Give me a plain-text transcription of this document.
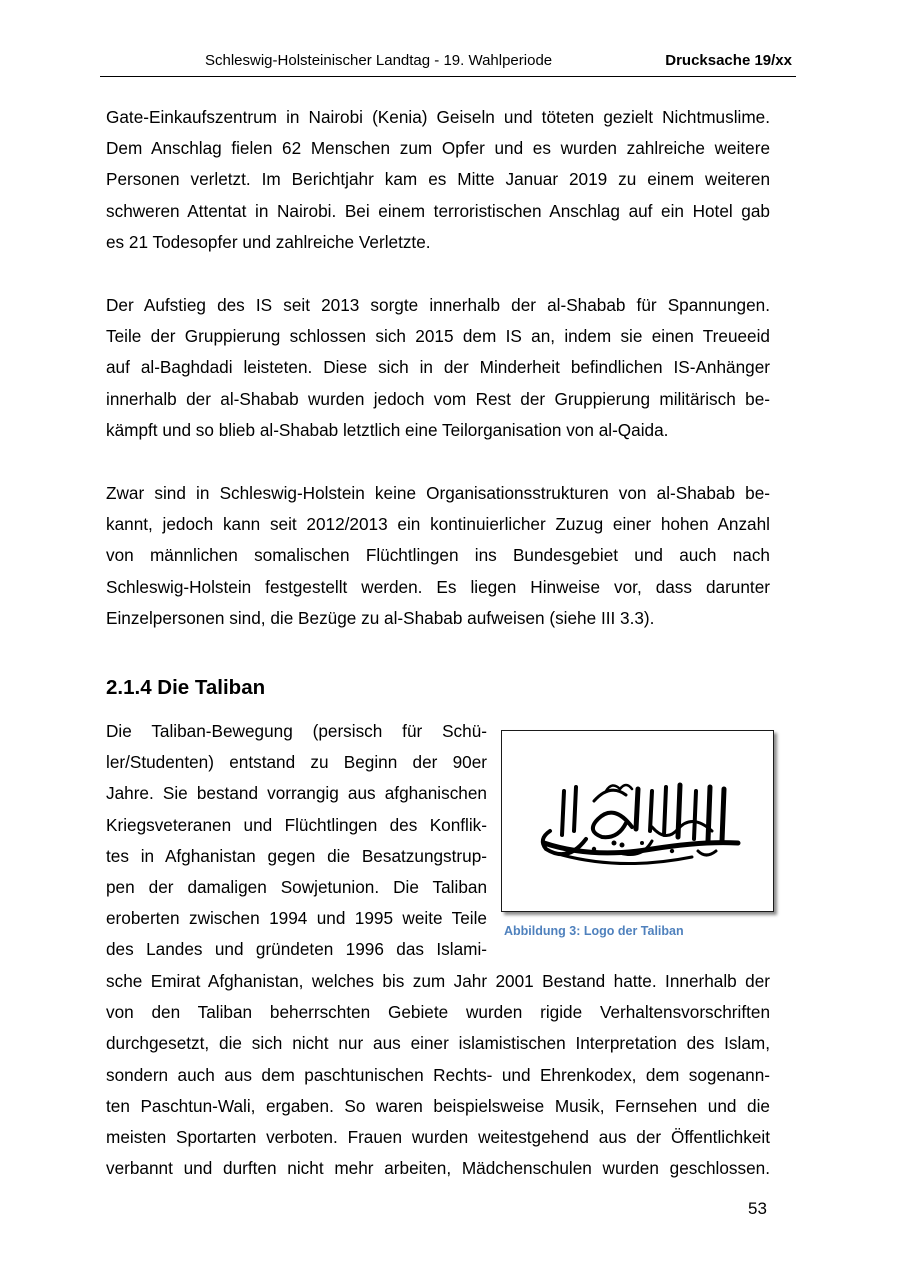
Schleswig-Holsteinischer Landtag - 19. Wahlperiode	Drucksache 19/xx
Gate-Einkaufszentrum in Nairobi (Kenia) Geiseln und töteten gezielt Nichtmuslime.
Dem Anschlag fielen 62 Menschen zum Opfer und es wurden zahlreiche weitere
Personen verletzt. Im Berichtjahr kam es Mitte Januar 2019 zu einem weiteren
schweren Attentat in Nairobi. Bei einem terroristischen Anschlag auf ein Hotel gab
es 21 Todesopfer und zahlreiche Verletzte.
Der Aufstieg des IS seit 2013 sorgte innerhalb der al-Shabab für Spannungen.
Teile der Gruppierung schlossen sich 2015 dem IS an, indem sie einen Treueeid
auf al-Baghdadi leisteten. Diese sich in der Minderheit befindlichen IS-Anhänger
innerhalb der al-Shabab wurden jedoch vom Rest der Gruppierung militärisch be-
kämpft und so blieb al-Shabab letztlich eine Teilorganisation von al-Qaida.
Zwar sind in Schleswig-Holstein keine Organisationsstrukturen von al-Shabab be-
kannt, jedoch kann seit 2012/2013 ein kontinuierlicher Zuzug einer hohen Anzahl
von männlichen somalischen Flüchtlingen ins Bundesgebiet und auch nach
Schleswig-Holstein festgestellt werden. Es liegen Hinweise vor, dass darunter
Einzelpersonen sind, die Bezüge zu al-Shabab aufweisen (siehe III 3.3).
2.1.4 Die Taliban
Die Taliban-Bewegung (persisch für Schü-
ler/Studenten) entstand zu Beginn der 90er
Jahre. Sie bestand vorrangig aus afghanischen
Kriegsveteranen und Flüchtlingen des Konflik-
tes in Afghanistan gegen die Besatzungstrup-
pen der damaligen Sowjetunion. Die Taliban
eroberten zwischen 1994 und 1995 weite Teile
des Landes und gründeten 1996 das Islami-
sche Emirat Afghanistan, welches bis zum Jahr 2001 Bestand hatte. Innerhalb der
von den Taliban beherrschten Gebiete wurden rigide Verhaltensvorschriften
durchgesetzt, die sich nicht nur aus einer islamistischen Interpretation des Islam,
sondern auch aus dem paschtunischen Rechts- und Ehrenkodex, dem sogenann-
ten Paschtun-Wali, ergaben. So waren beispielsweise Musik, Fernsehen und die
meisten Sportarten verboten. Frauen wurden weitestgehend aus der Öffentlichkeit
verbannt und durften nicht mehr arbeiten, Mädchenschulen wurden geschlossen.
Abbildung 3: Logo der Taliban
53
